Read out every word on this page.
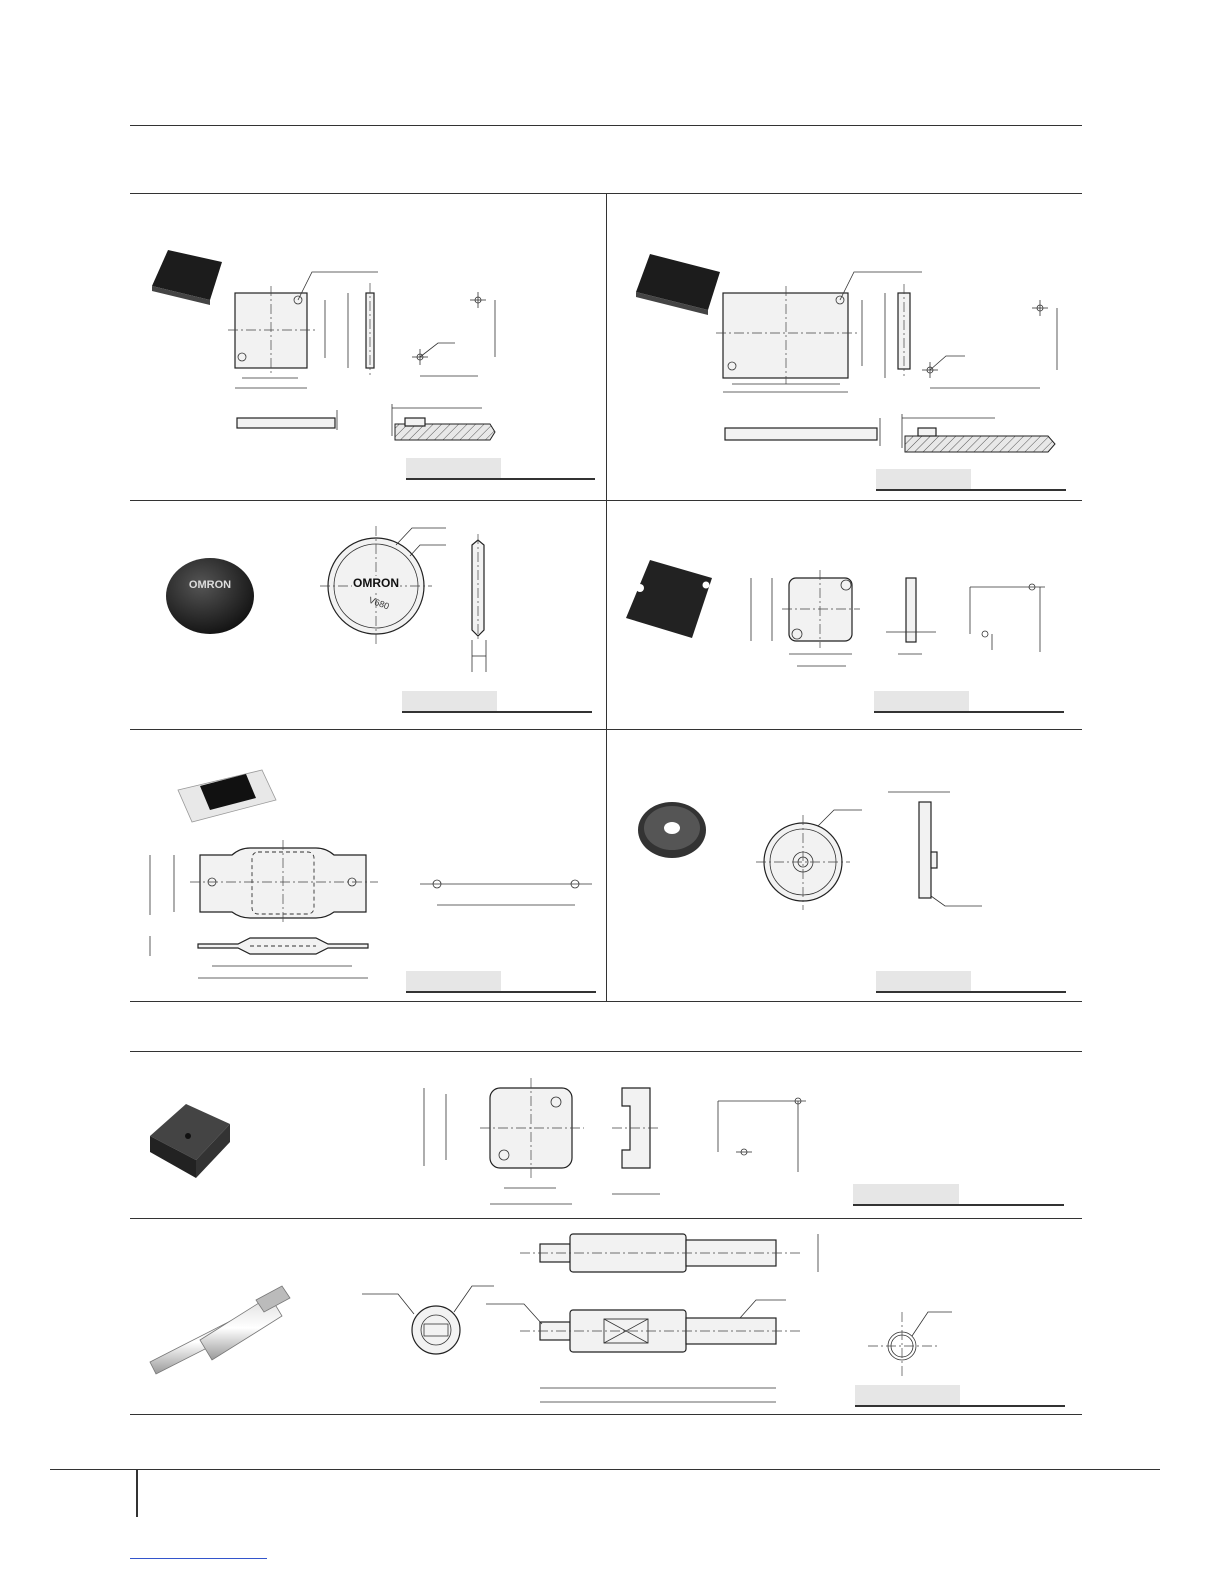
OMRON	OMRON
V680
